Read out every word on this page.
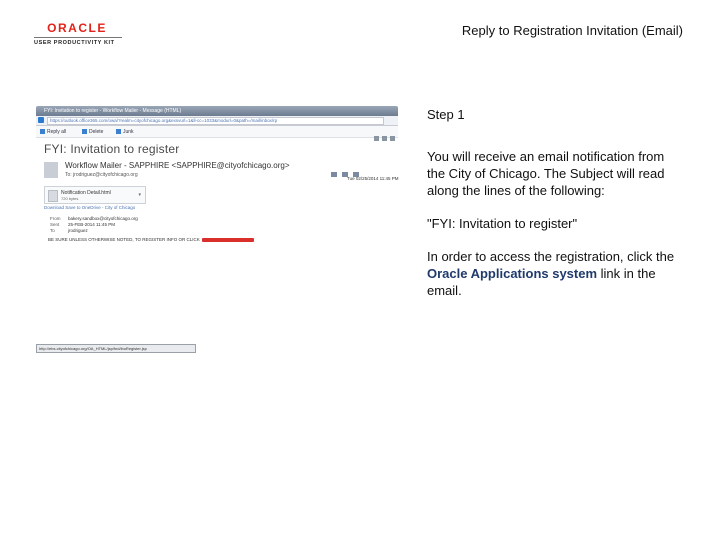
ORACLE
USER PRODUCTIVITY KIT
Reply to Registration Invitation (Email)
FYI: Invitation to register - Workflow Mailer - Message (HTML)
https://outlook.office365.com/owa/?realm=cityofchicago.org&exsvurl=1&ll-cc=1033&modurl=0&path=/mail/inbox/rp
Reply all	Delete	Junk
FYI: Invitation to register
Workflow Mailer - SAPPHIRE <SAPPHIRE@cityofchicago.org>
To: jrodriguez@cityofchicago.org
Tue 02/25/2014 11:45 PM
Notification Detail.html
720 bytes
▾
Download Save to OneDrive - City of Chicago
From bakery.sandbox@cityofchicago.org
Sent 25-FEB-2014 11:45 PM
To	jrodriguez
BE SURE UNLESS OTHERWISE NOTED, TO REGISTER INFO OR CLICK
http://ebs.cityofchicago.org/OA_HTML/jsp/fnd/ibuRegister.jsp

Step 1

You will receive an email notification from the City of Chicago. The Subject will read along the lines of the following:

"FYI: Invitation to register"

In order to access the registration, click the Oracle Applications system link in the email.
